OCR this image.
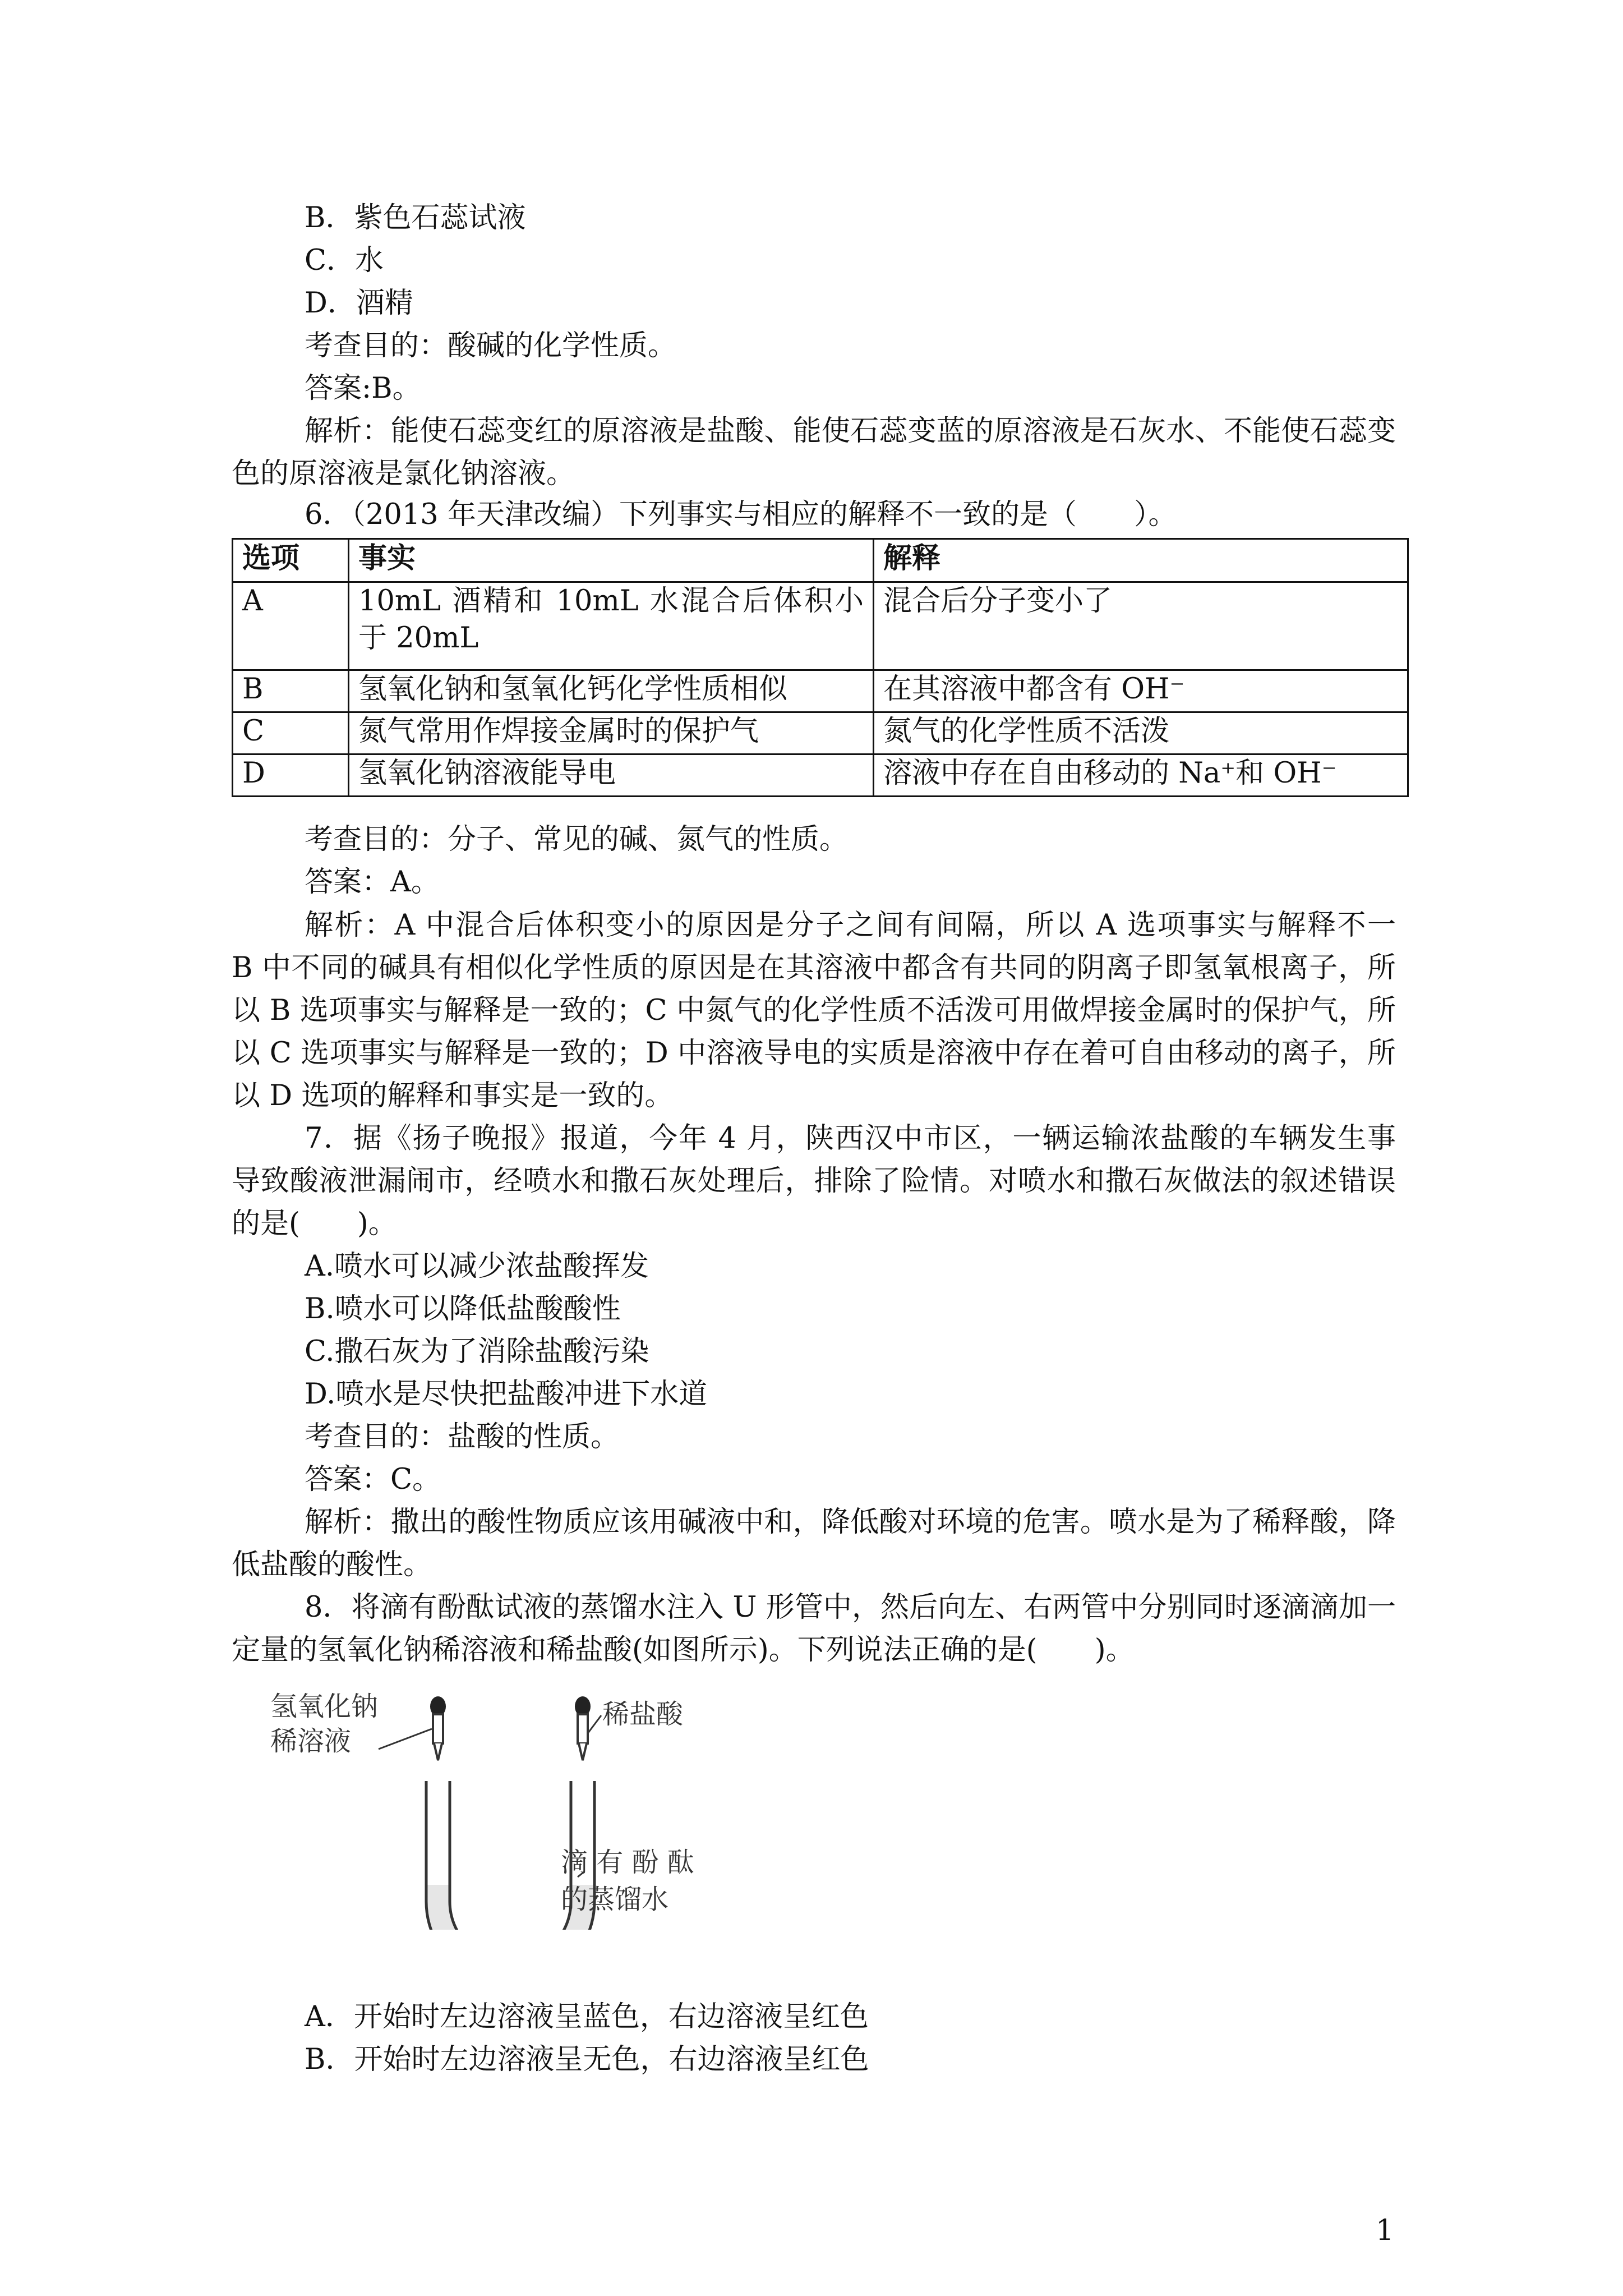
B．紫色石蕊试液
C．水
D．酒精
考查目的：酸碱的化学性质。
答案:B。
解析：能使石蕊变红的原溶液是盐酸、能使石蕊变蓝的原溶液是石灰水、不能使石蕊变
色的原溶液是氯化钠溶液。
6．（2013 年天津改编）下列事实与相应的解释不一致的是（　　）。
选项	事实	解释
A	10mL 酒精和 10mL 水混合后体积小于 20mL	混合后分子变小了
B	氢氧化钠和氢氧化钙化学性质相似	在其溶液中都含有 OH⁻
C	氮气常用作焊接金属时的保护气	氮气的化学性质不活泼
D	氢氧化钠溶液能导电	溶液中存在自由移动的 Na⁺和 OH⁻
考查目的：分子、常见的碱、氮气的性质。
答案：A。
解析：A 中混合后体积变小的原因是分子之间有间隔，所以 A 选项事实与解释不一
B 中不同的碱具有相似化学性质的原因是在其溶液中都含有共同的阴离子即氢氧根离子，所
以 B 选项事实与解释是一致的；C 中氮气的化学性质不活泼可用做焊接金属时的保护气，所
以 C 选项事实与解释是一致的；D 中溶液导电的实质是溶液中存在着可自由移动的离子，所
以 D 选项的解释和事实是一致的。
7．据《扬子晚报》报道，今年 4 月，陕西汉中市区，一辆运输浓盐酸的车辆发生事
导致酸液泄漏闹市，经喷水和撒石灰处理后，排除了险情。对喷水和撒石灰做法的叙述错误
的是(　　)。
A.喷水可以减少浓盐酸挥发
B.喷水可以降低盐酸酸性
C.撒石灰为了消除盐酸污染
D.喷水是尽快把盐酸冲进下水道
考查目的：盐酸的性质。
答案：C。
解析：撒出的酸性物质应该用碱液中和，降低酸对环境的危害。喷水是为了稀释酸，降
低盐酸的酸性。
8．将滴有酚酞试液的蒸馏水注入 U 形管中，然后向左、右两管中分别同时逐滴滴加一
定量的氢氧化钠稀溶液和稀盐酸(如图所示)。下列说法正确的是(　　)。
氢氧化钠
稀溶液
稀盐酸
滴 有 酚 酞
的蒸馏水
A．开始时左边溶液呈蓝色，右边溶液呈红色
B．开始时左边溶液呈无色，右边溶液呈红色
1
